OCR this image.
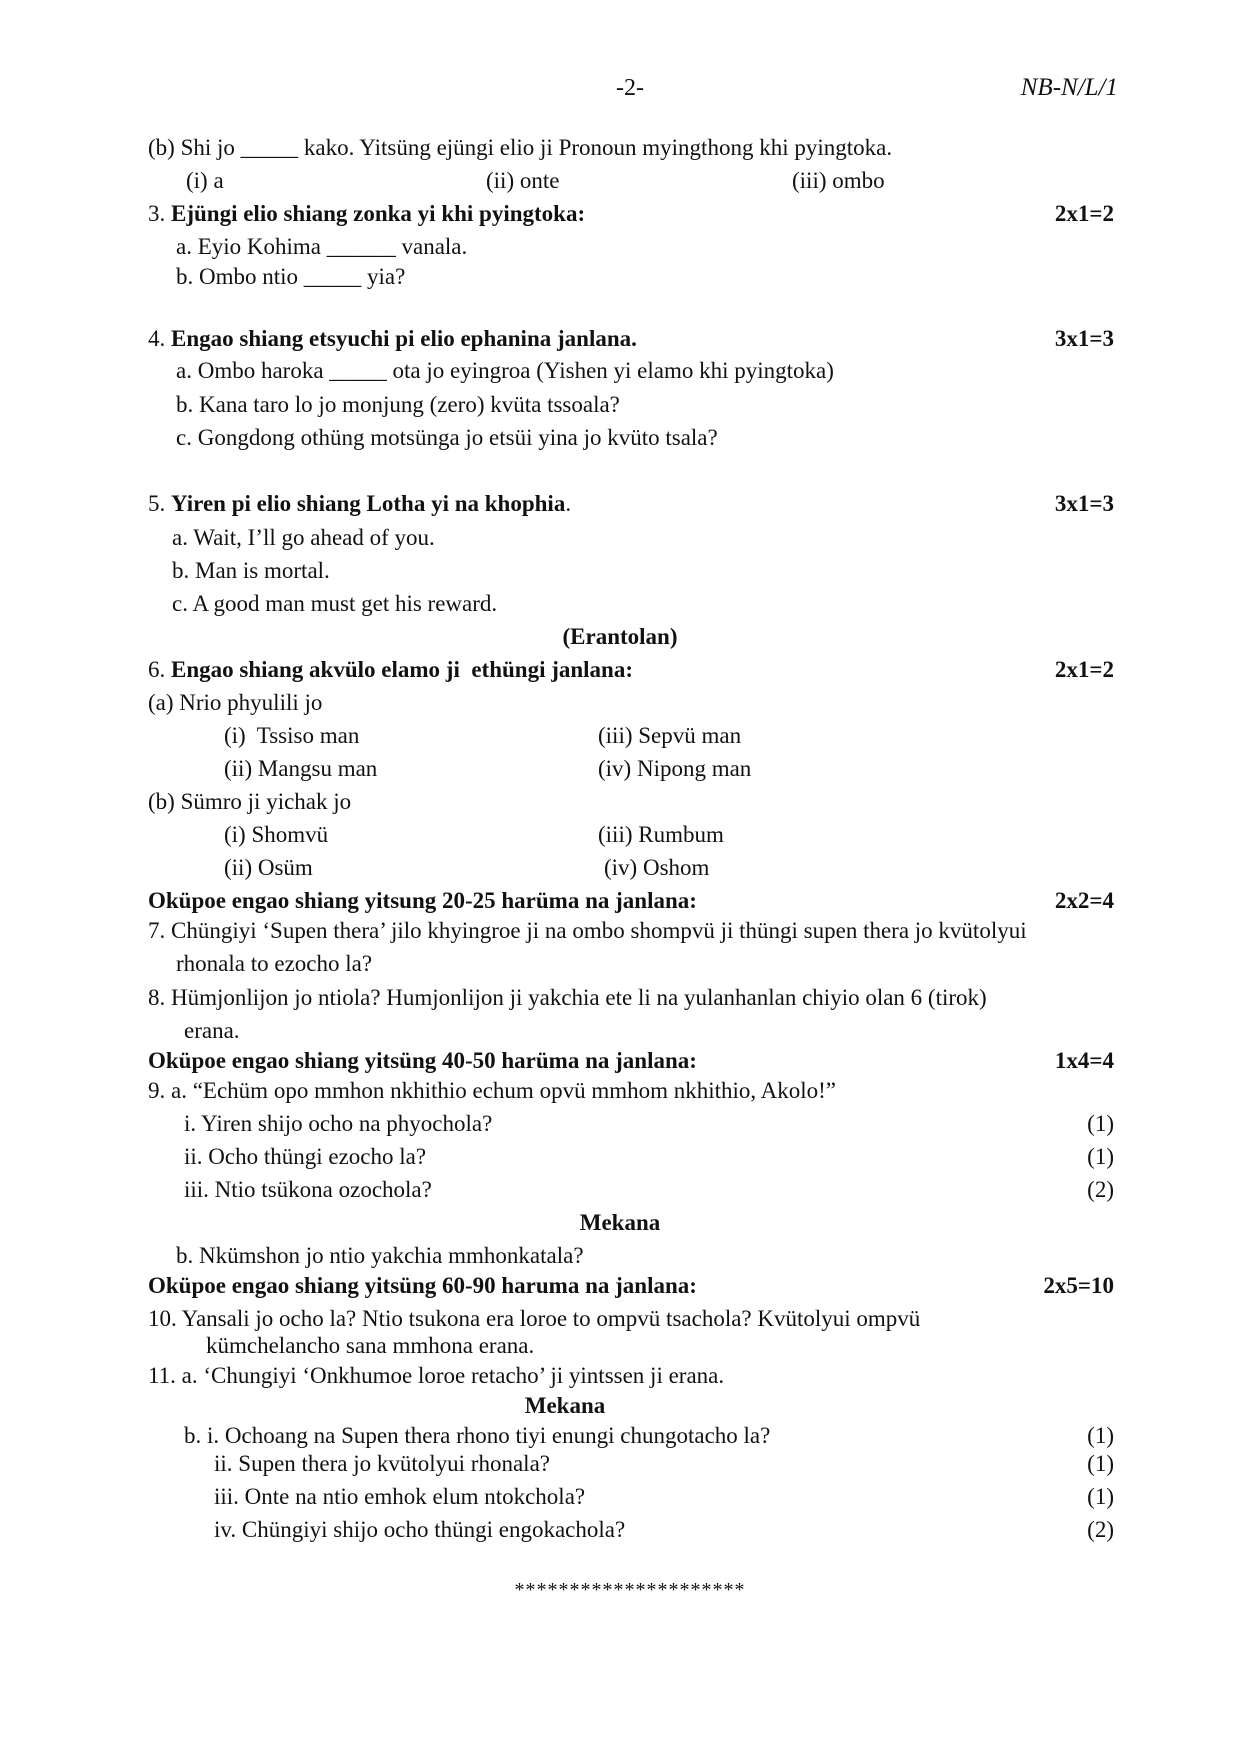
-2-	NB-N/L/1
(b) Shi jo _____ kako. Yitsüng ejüngi elio ji Pronoun myingthong khi pyingtoka.
(i) a	(ii) onte	(iii) ombo
3. Ejüngi elio shiang zonka yi khi pyingtoka:	2x1=2
a. Eyio Kohima ______ vanala.
b. Ombo ntio _____ yia?
4. Engao shiang etsyuchi pi elio ephanina janlana.	3x1=3
a. Ombo haroka _____ ota jo eyingroa (Yishen yi elamo khi pyingtoka)
b. Kana taro lo jo monjung (zero) kvüta tssoala?
c. Gongdong othüng motsünga jo etsüi yina jo kvüto tsala?
5. Yiren pi elio shiang Lotha yi na khophia.	3x1=3
a. Wait, I’ll go ahead of you.
b. Man is mortal.
c. A good man must get his reward.
(Erantolan)
6. Engao shiang akvülo elamo ji  ethüngi janlana:	2x1=2
(a) Nrio phyulili jo
(i)  Tssiso man	(iii) Sepvü man
(ii) Mangsu man	(iv) Nipong man
(b) Sümro ji yichak jo
(i) Shomvü	(iii) Rumbum
(ii) Osüm	(iv) Oshom
Oküpoe engao shiang yitsung 20-25 harüma na janlana:	2x2=4
7. Chüngiyi ‘Supen thera’ jilo khyingroe ji na ombo shompvü ji thüngi supen thera jo kvütolyui
rhonala to ezocho la?
8. Hümjonlijon jo ntiola? Humjonlijon ji yakchia ete li na yulanhanlan chiyio olan 6 (tirok)
erana.
Oküpoe engao shiang yitsüng 40-50 harüma na janlana:	1x4=4
9. a. “Echüm opo mmhon nkhithio echum opvü mmhom nkhithio, Akolo!”
i. Yiren shijo ocho na phyochola?	(1)
ii. Ocho thüngi ezocho la?	(1)
iii. Ntio tsükona ozochola?	(2)
Mekana
b. Nkümshon jo ntio yakchia mmhonkatala?
Oküpoe engao shiang yitsüng 60-90 haruma na janlana:	2x5=10
10. Yansali jo ocho la? Ntio tsukona era loroe to ompvü tsachola? Kvütolyui ompvü
kümchelancho sana mmhona erana.
11. a. ‘Chungiyi ‘Onkhumoe loroe retacho’ ji yintssen ji erana.
Mekana
b. i. Ochoang na Supen thera rhono tiyi enungi chungotacho la?	(1)
ii. Supen thera jo kvütolyui rhonala?	(1)
iii. Onte na ntio emhok elum ntokchola?	(1)
iv. Chüngiyi shijo ocho thüngi engokachola?	(2)
*********************
